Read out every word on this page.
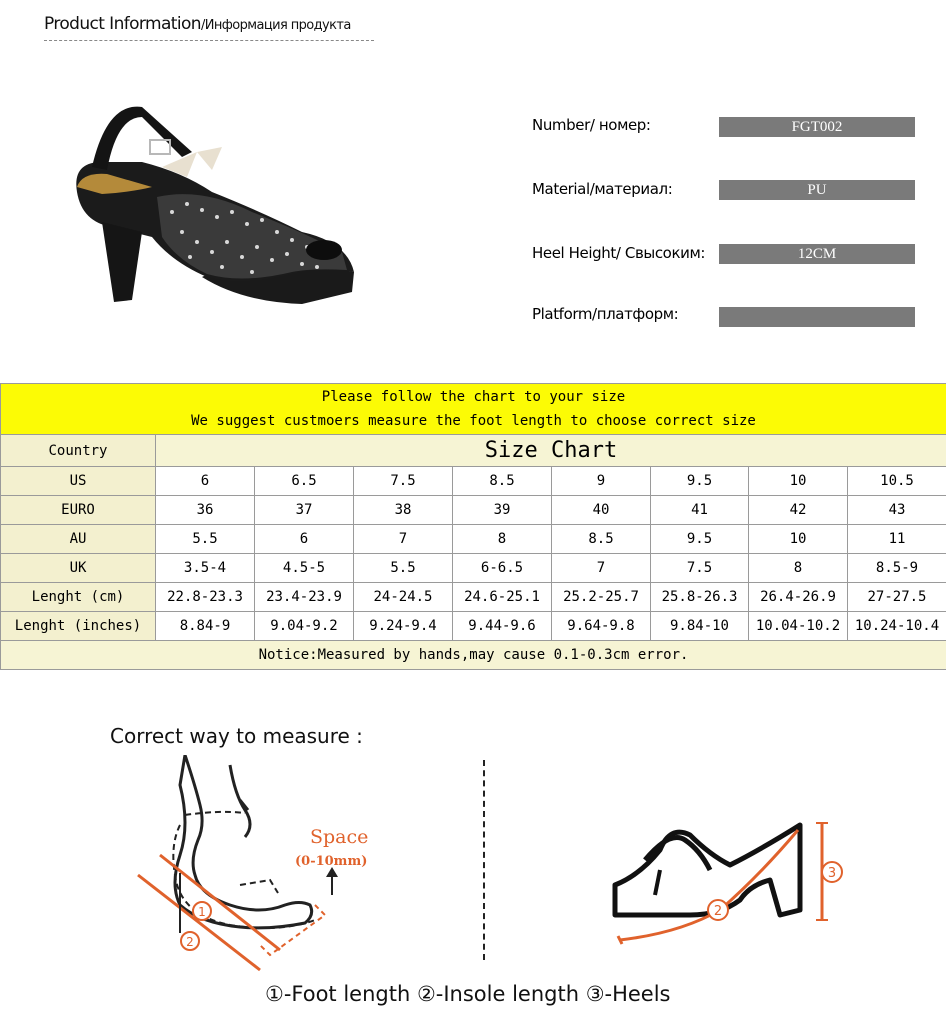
Product Information/Информация продукта
Number/ номер:	FGT002
Material/материал:	PU
Heel Height/ Свысоким:	12CM
Platform/платформ:
Please follow the chart to your size
We suggest custmoers measure the foot length to choose correct size								

Country	Size Chart							
US	6	6.5	7.5	8.5	9	9.5	10	10.5
EURO	36	37	38	39	40	41	42	43
AU	5.5	6	7	8	8.5	9.5	10	11
UK	3.5-4	4.5-5	5.5	6-6.5	7	7.5	8	8.5-9
Lenght (cm)	22.8-23.3	23.4-23.9	24-24.5	24.6-25.1	25.2-25.7	25.8-26.3	26.4-26.9	27-27.5
Lenght (inches)	8.84-9	9.04-9.2	9.24-9.4	9.44-9.6	9.64-9.8	9.84-10	10.04-10.2	10.24-10.4
Notice:Measured by hands,may cause 0.1-0.3cm error.								
Correct way to measure :
1
2
Space
(0-10mm)
2
3
①-Foot length ②-Insole length ③-Heels
